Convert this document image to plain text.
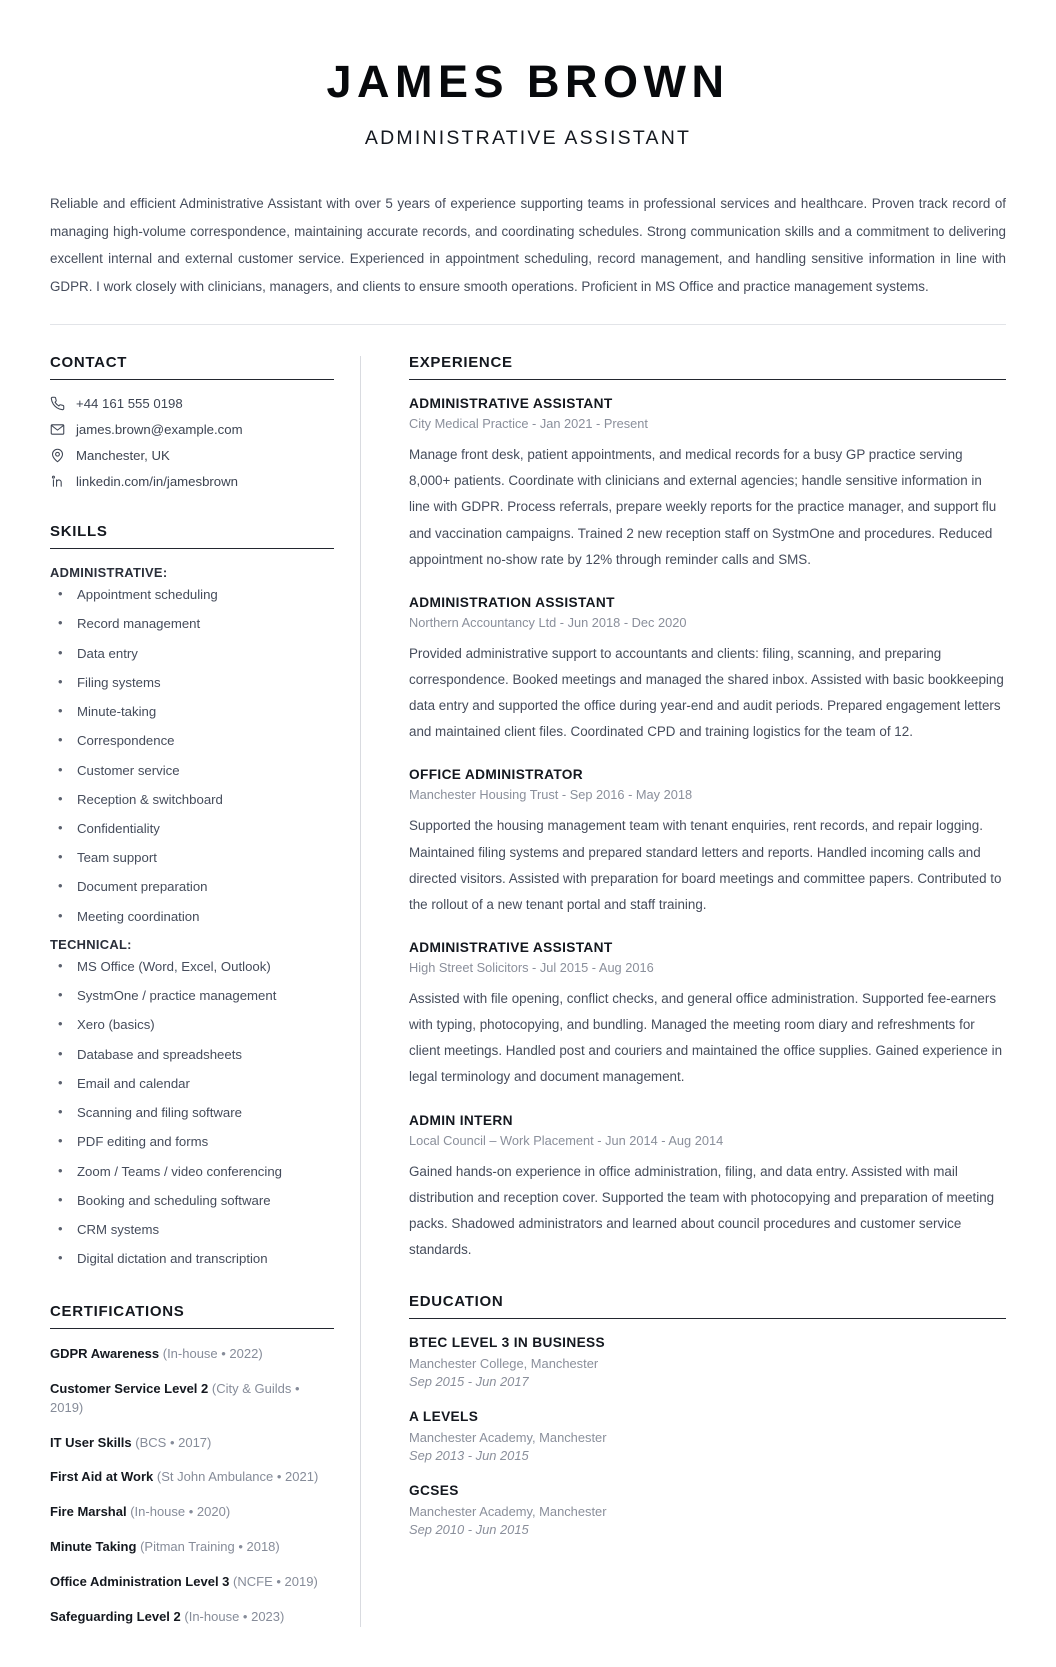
JAMES BROWN
ADMINISTRATIVE ASSISTANT

Reliable and efficient Administrative Assistant with over 5 years of experience supporting teams in professional services and healthcare. Proven track record of managing high-volume correspondence, maintaining accurate records, and coordinating schedules. Strong communication skills and a commitment to delivering excellent internal and external customer service. Experienced in appointment scheduling, record management, and handling sensitive information in line with GDPR. I work closely with clinicians, managers, and clients to ensure smooth operations. Proficient in MS Office and practice management systems.

CONTACT
+44 161 555 0198
james.brown@example.com
Manchester, UK
linkedin.com/in/jamesbrown
SKILLS
ADMINISTRATIVE:
• Appointment scheduling
• Record management
• Data entry
• Filing systems
• Minute-taking
• Correspondence
• Customer service
• Reception & switchboard
• Confidentiality
• Team support
• Document preparation
• Meeting coordination
TECHNICAL:
• MS Office (Word, Excel, Outlook)
• SystmOne / practice management
• Xero (basics)
• Database and spreadsheets
• Email and calendar
• Scanning and filing software
• PDF editing and forms
• Zoom / Teams / video conferencing
• Booking and scheduling software
• CRM systems
• Digital dictation and transcription
CERTIFICATIONS
GDPR Awareness (In-house • 2022)
Customer Service Level 2 (City & Guilds • 2019)
IT User Skills (BCS • 2017)
First Aid at Work (St John Ambulance • 2021)
Fire Marshal (In-house • 2020)
Minute Taking (Pitman Training • 2018)
Office Administration Level 3 (NCFE • 2019)
Safeguarding Level 2 (In-house • 2023)
EXPERIENCE
ADMINISTRATIVE ASSISTANT
City Medical Practice - Jan 2021 - Present
Manage front desk, patient appointments, and medical records for a busy GP practice serving 8,000+ patients. Coordinate with clinicians and external agencies; handle sensitive information in line with GDPR. Process referrals, prepare weekly reports for the practice manager, and support flu and vaccination campaigns. Trained 2 new reception staff on SystmOne and procedures. Reduced appointment no-show rate by 12% through reminder calls and SMS.
ADMINISTRATION ASSISTANT
Northern Accountancy Ltd - Jun 2018 - Dec 2020
Provided administrative support to accountants and clients: filing, scanning, and preparing correspondence. Booked meetings and managed the shared inbox. Assisted with basic bookkeeping data entry and supported the office during year-end and audit periods. Prepared engagement letters and maintained client files. Coordinated CPD and training logistics for the team of 12.
OFFICE ADMINISTRATOR
Manchester Housing Trust - Sep 2016 - May 2018
Supported the housing management team with tenant enquiries, rent records, and repair logging. Maintained filing systems and prepared standard letters and reports. Handled incoming calls and directed visitors. Assisted with preparation for board meetings and committee papers. Contributed to the rollout of a new tenant portal and staff training.
ADMINISTRATIVE ASSISTANT
High Street Solicitors - Jul 2015 - Aug 2016
Assisted with file opening, conflict checks, and general office administration. Supported fee-earners with typing, photocopying, and bundling. Managed the meeting room diary and refreshments for client meetings. Handled post and couriers and maintained the office supplies. Gained experience in legal terminology and document management.
ADMIN INTERN
Local Council – Work Placement - Jun 2014 - Aug 2014
Gained hands-on experience in office administration, filing, and data entry. Assisted with mail distribution and reception cover. Supported the team with photocopying and preparation of meeting packs. Shadowed administrators and learned about council procedures and customer service standards.
EDUCATION
BTEC LEVEL 3 IN BUSINESS
Manchester College, Manchester
Sep 2015 - Jun 2017
A LEVELS
Manchester Academy, Manchester
Sep 2013 - Jun 2015
GCSES
Manchester Academy, Manchester
Sep 2010 - Jun 2015
